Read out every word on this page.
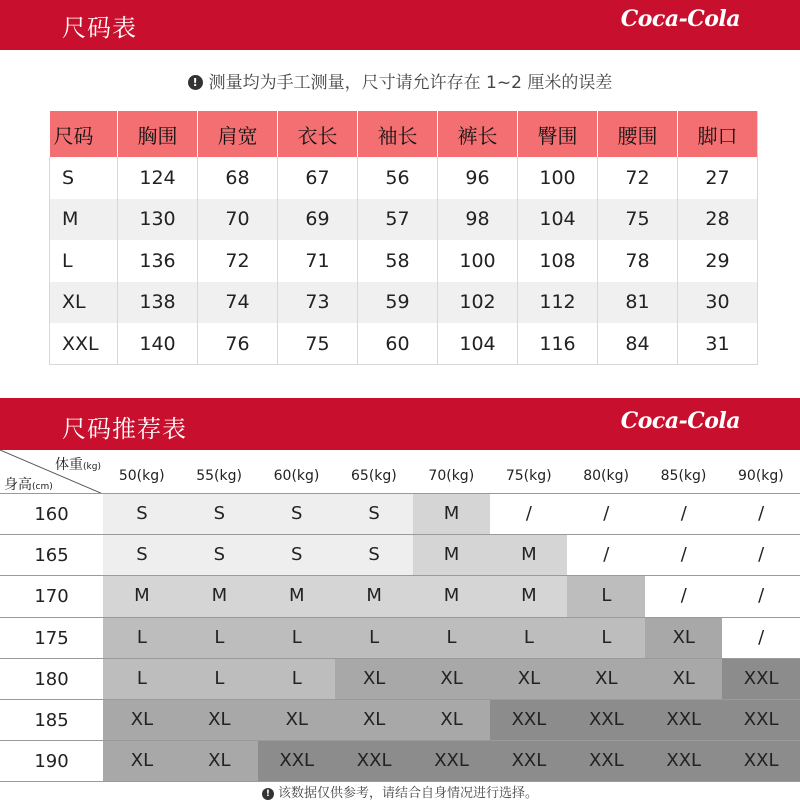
尺码表	Coca-Cola
! 测量均为手工测量，尺寸请允许存在 1~2 厘米的误差
尺码	胸围	肩宽	衣长	袖长	裤长	臀围	腰围	脚口
S	124	68	67	56	96	100	72	27
M	130	70	69	57	98	104	75	28
L	136	72	71	58	100	108	78	29
XL	138	74	73	59	102	112	81	30
XXL	140	76	75	60	104	116	84	31
尺码推荐表	Coca-Cola
体重(kg)
身高(cm)
50(kg)	55(kg)	60(kg)	65(kg)	70(kg)	75(kg)	80(kg)	85(kg)	90(kg)
160	S	S	S	S	M	/	/	/	/
165	S	S	S	S	M	M	/	/	/
170	M	M	M	M	M	M	L	/	/
175	L	L	L	L	L	L	L	XL	/
180	L	L	L	XL	XL	XL	XL	XL	XXL
185	XL	XL	XL	XL	XL	XXL	XXL	XXL	XXL
190	XL	XL	XXL	XXL	XXL	XXL	XXL	XXL	XXL
! 该数据仅供参考，请结合自身情况进行选择。
